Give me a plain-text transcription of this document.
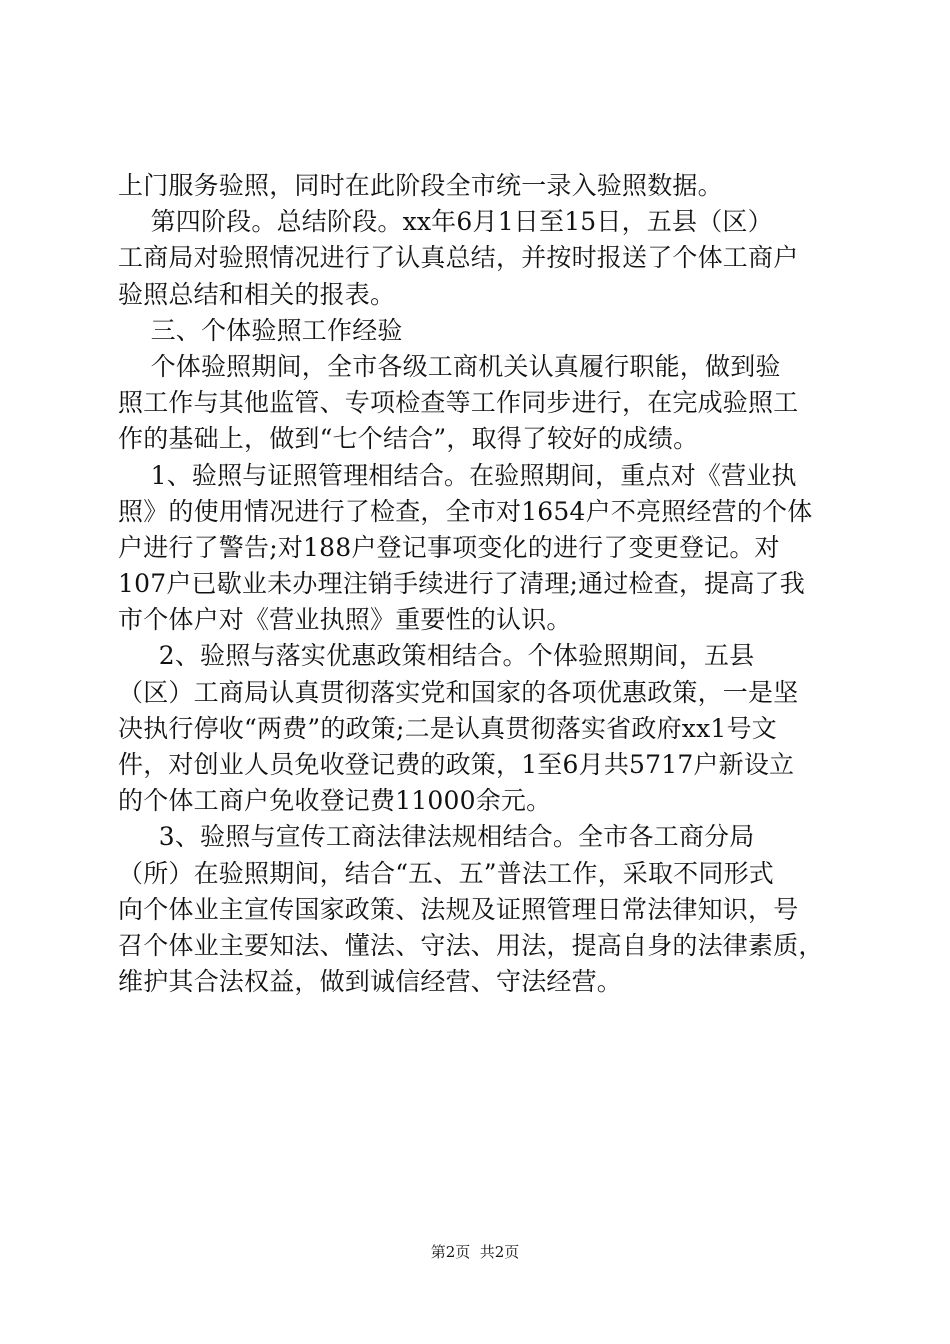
上门服务验照，同时在此阶段全市统一录入验照数据。
第四阶段。总结阶段。xx年6月1日至15日，五县（区）
工商局对验照情况进行了认真总结，并按时报送了个体工商户
验照总结和相关的报表。
三、个体验照工作经验
个体验照期间，全市各级工商机关认真履行职能，做到验
照工作与其他监管、专项检查等工作同步进行，在完成验照工
作的基础上，做到“七个结合”，取得了较好的成绩。
1、验照与证照管理相结合。在验照期间，重点对《营业执
照》的使用情况进行了检查，全市对1654户不亮照经营的个体
户进行了警告;对188户登记事项变化的进行了变更登记。对
107户已歇业未办理注销手续进行了清理;通过检查，提高了我
市个体户对《营业执照》重要性的认识。
2、验照与落实优惠政策相结合。个体验照期间，五县
（区）工商局认真贯彻落实党和国家的各项优惠政策，一是坚
决执行停收“两费”的政策;二是认真贯彻落实省政府xx1号文
件，对创业人员免收登记费的政策，1至6月共5717户新设立
的个体工商户免收登记费11000余元。
3、验照与宣传工商法律法规相结合。全市各工商分局
（所）在验照期间，结合“五、五”普法工作，采取不同形式
向个体业主宣传国家政策、法规及证照管理日常法律知识，号
召个体业主要知法、懂法、守法、用法，提高自身的法律素质，
维护其合法权益，做到诚信经营、守法经营。
第2页  共2页
